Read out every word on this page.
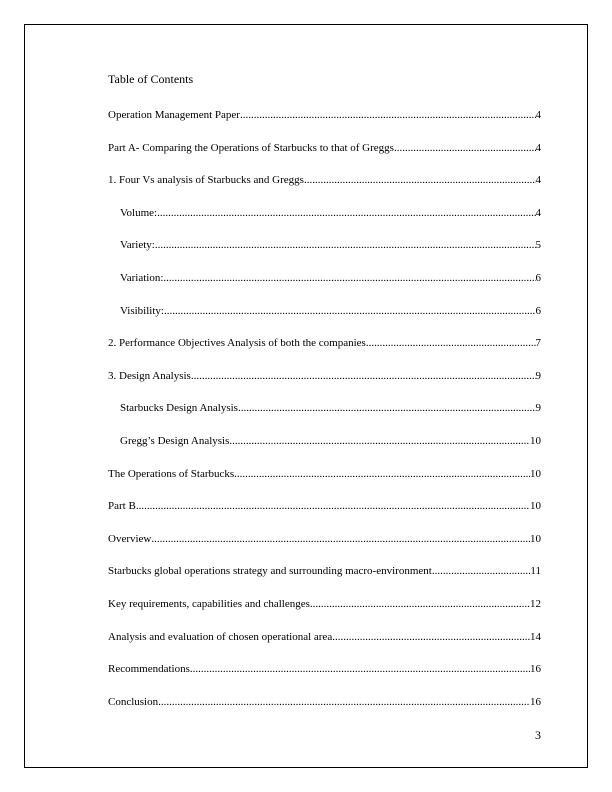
Table of Contents
Operation Management Paper .....	4
Part A- Comparing the Operations of Starbucks to that of Greggs .....	4
1. Four Vs analysis of Starbucks and Greggs .....	4
Volume: .....	4
Variety: .....	5
Variation: .....	6
Visibility: .....	6
2. Performance Objectives Analysis of both the companies .....	7
3. Design Analysis .....	9
Starbucks Design Analysis .....	9
Gregg’s Design Analysis .....	10
The Operations of Starbucks .....	10
Part B .....	10
Overview .....	10
Starbucks global operations strategy and surrounding macro-environment .....	11
Key requirements, capabilities and challenges .....	12
Analysis and evaluation of chosen operational area .....	14
Recommendations .....	16
Conclusion .....	16
3
